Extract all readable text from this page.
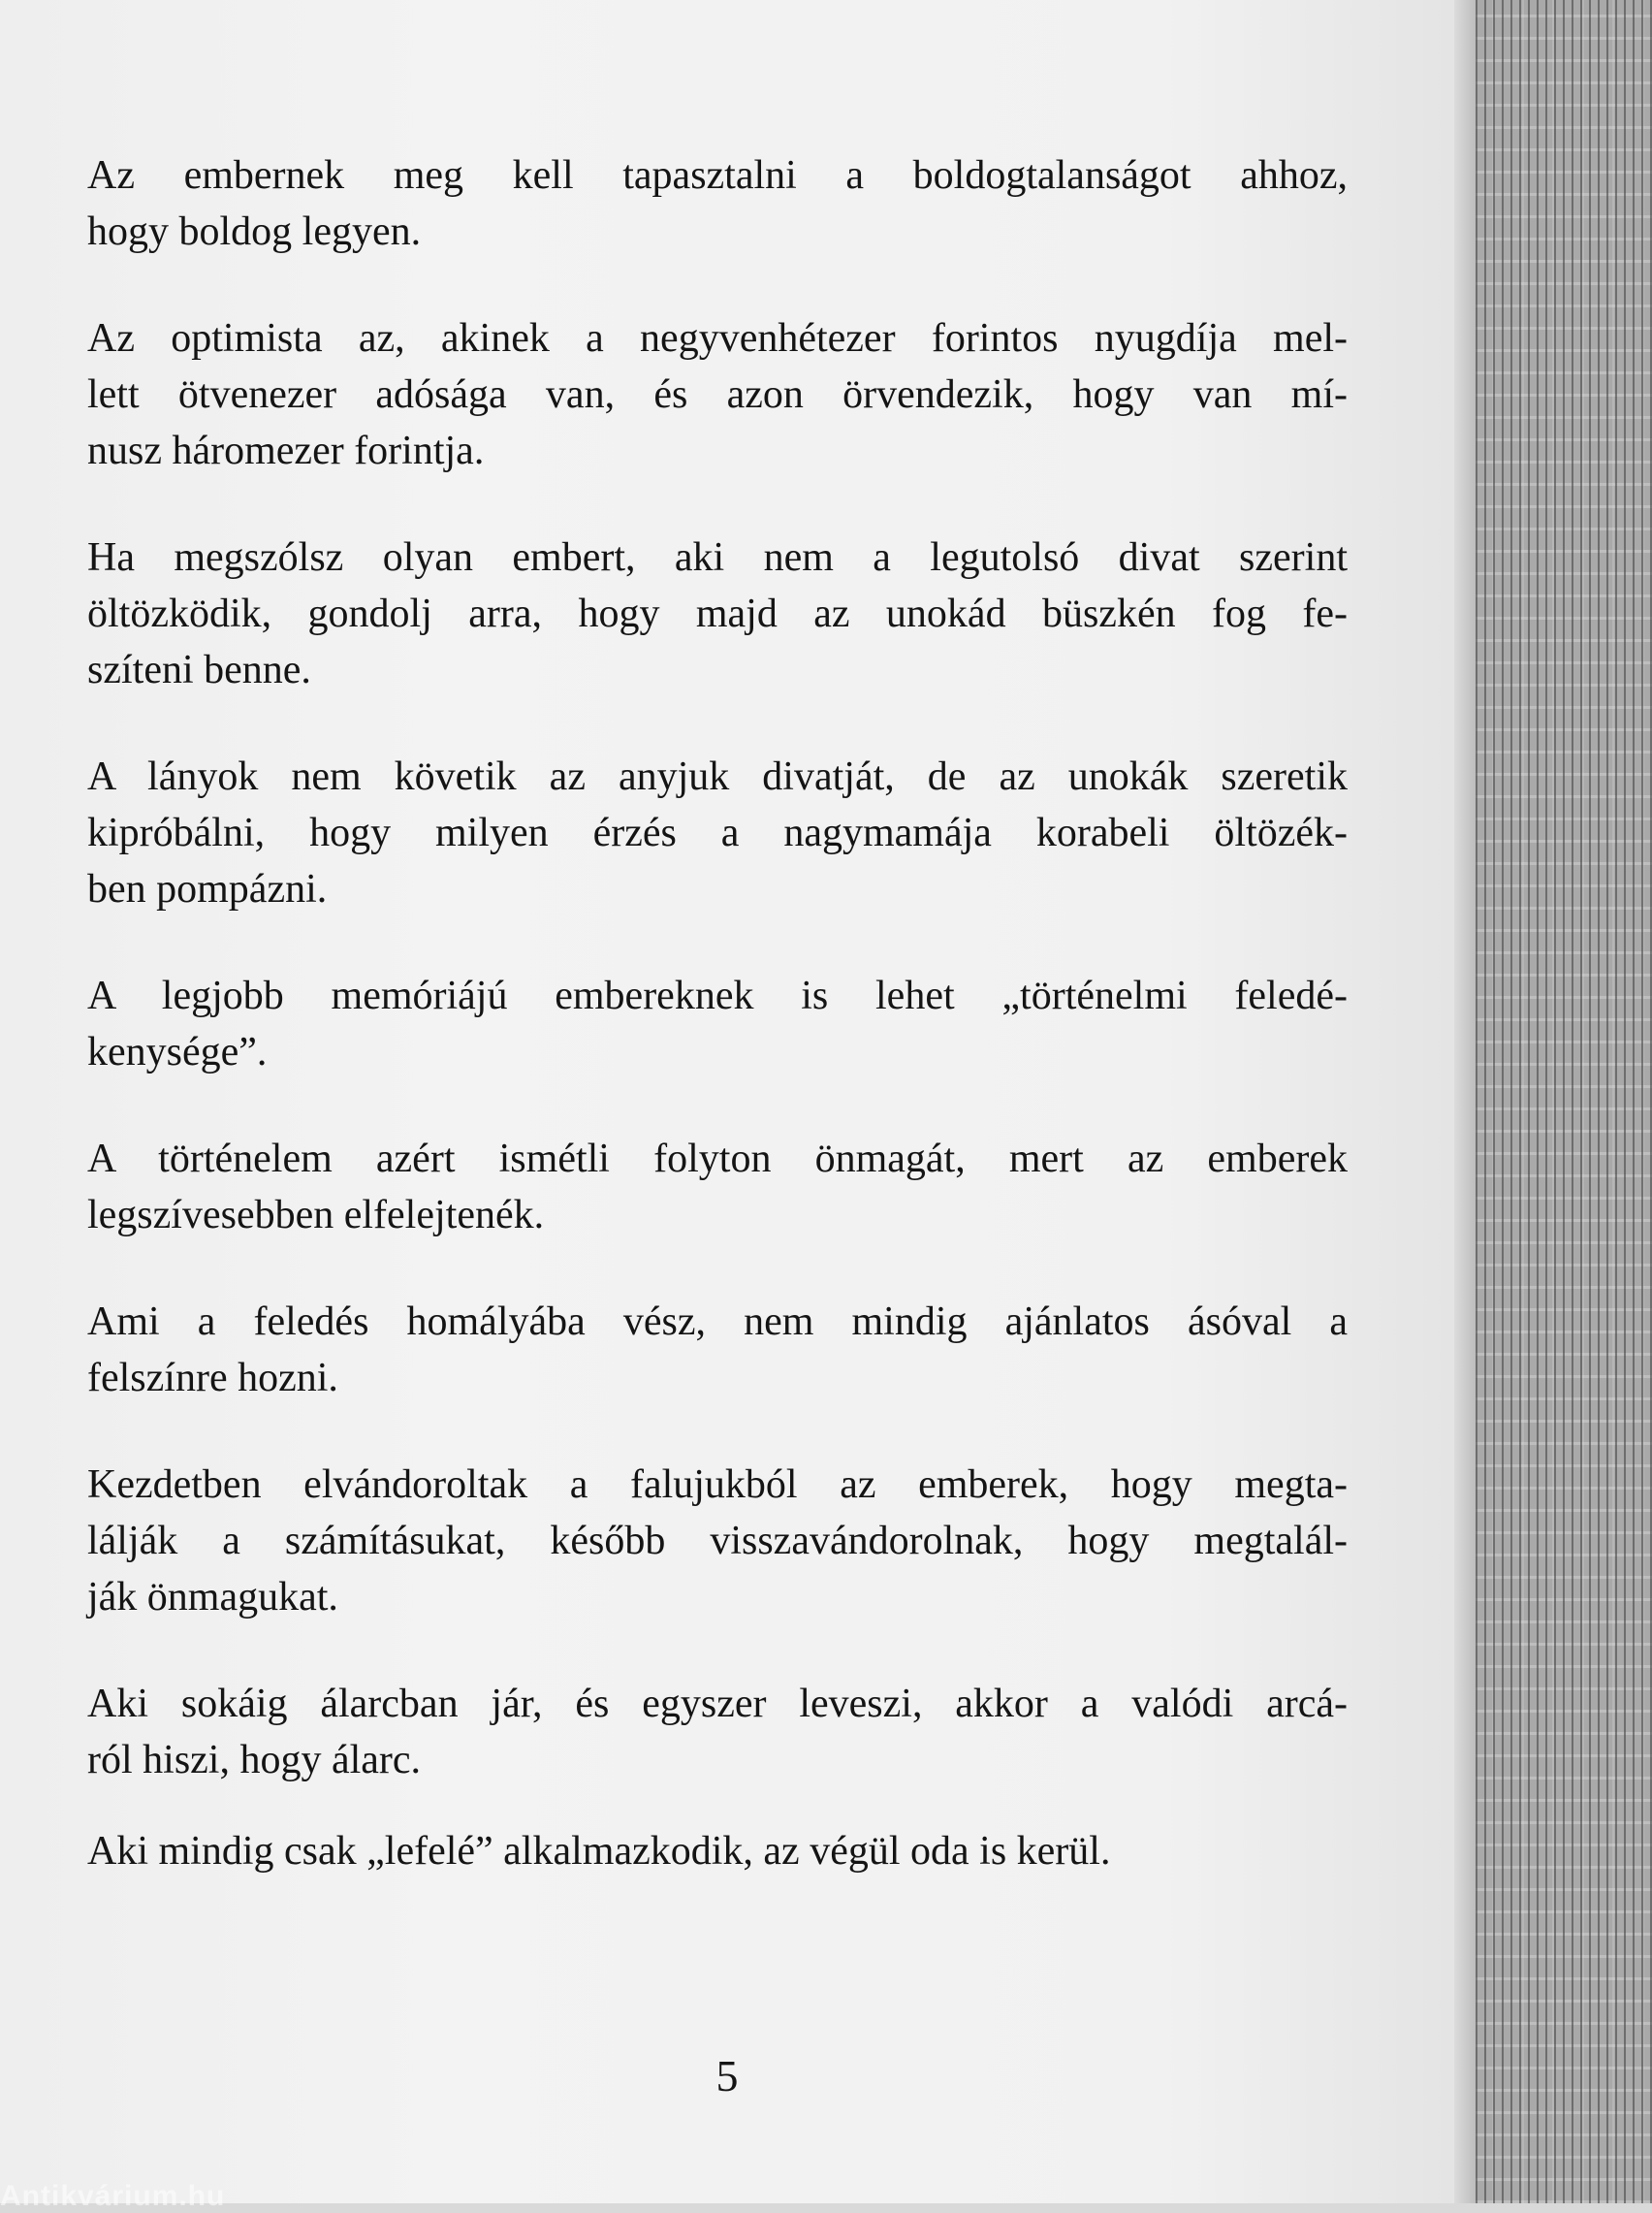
Az embernek meg kell tapasztalni a boldogtalanságot ahhoz,
hogy boldog legyen.

Az optimista az, akinek a negyvenhétezer forintos nyugdíja mel-
lett ötvenezer adósága van, és azon örvendezik, hogy van mí-
nusz háromezer forintja.

Ha megszólsz olyan embert, aki nem a legutolsó divat szerint
öltözködik, gondolj arra, hogy majd az unokád büszkén fog fe-
szíteni benne.

A lányok nem követik az anyjuk divatját, de az unokák szeretik
kipróbálni, hogy milyen érzés a nagymamája korabeli öltözék-
ben pompázni.

A legjobb memóriájú embereknek is lehet „történelmi feledé-
kenysége”.

A történelem azért ismétli folyton önmagát, mert az emberek
legszívesebben elfelejtenék.

Ami a feledés homályába vész, nem mindig ajánlatos ásóval a
felszínre hozni.

Kezdetben elvándoroltak a falujukból az emberek, hogy megta-
lálják a számításukat, később visszavándorolnak, hogy megtalál-
ják önmagukat.

Aki sokáig álarcban jár, és egyszer leveszi, akkor a valódi arcá-
ról hiszi, hogy álarc.

Aki mindig csak „lefelé” alkalmazkodik, az végül oda is kerül.

5
Antikvárium.hu
